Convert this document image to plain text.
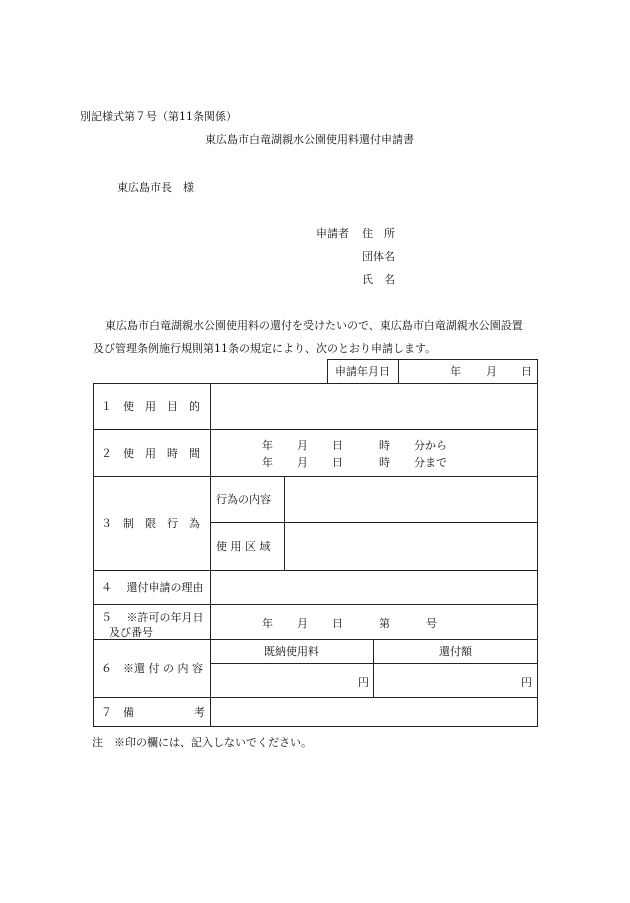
別記様式第７号（第11条関係）
東広島市白竜湖親水公園使用料還付申請書
東広島市長　様
申請者 住　所
団体名
氏　名
東広島市白竜湖親水公園使用料の還付を受けたいので、東広島市白竜湖親水公園設置
及び管理条例施行規則第11条の規定により、次のとおり申請します。
申請年月日	年 月 日
１　使　用　目　的
２　使　用　時　間
年 月 日	時 分から
年 月 日	時 分まで
３　制　限　行　為
行為の内容
使 用 区 域
４　 還付申請の理由
５　 ※許可の年月日
及び番号
年 月 日	第	号
６　※還 付 の 内 容
既納使用料	還付額
円	円
７　備	考
注　※印の欄には、記入しないでください。
